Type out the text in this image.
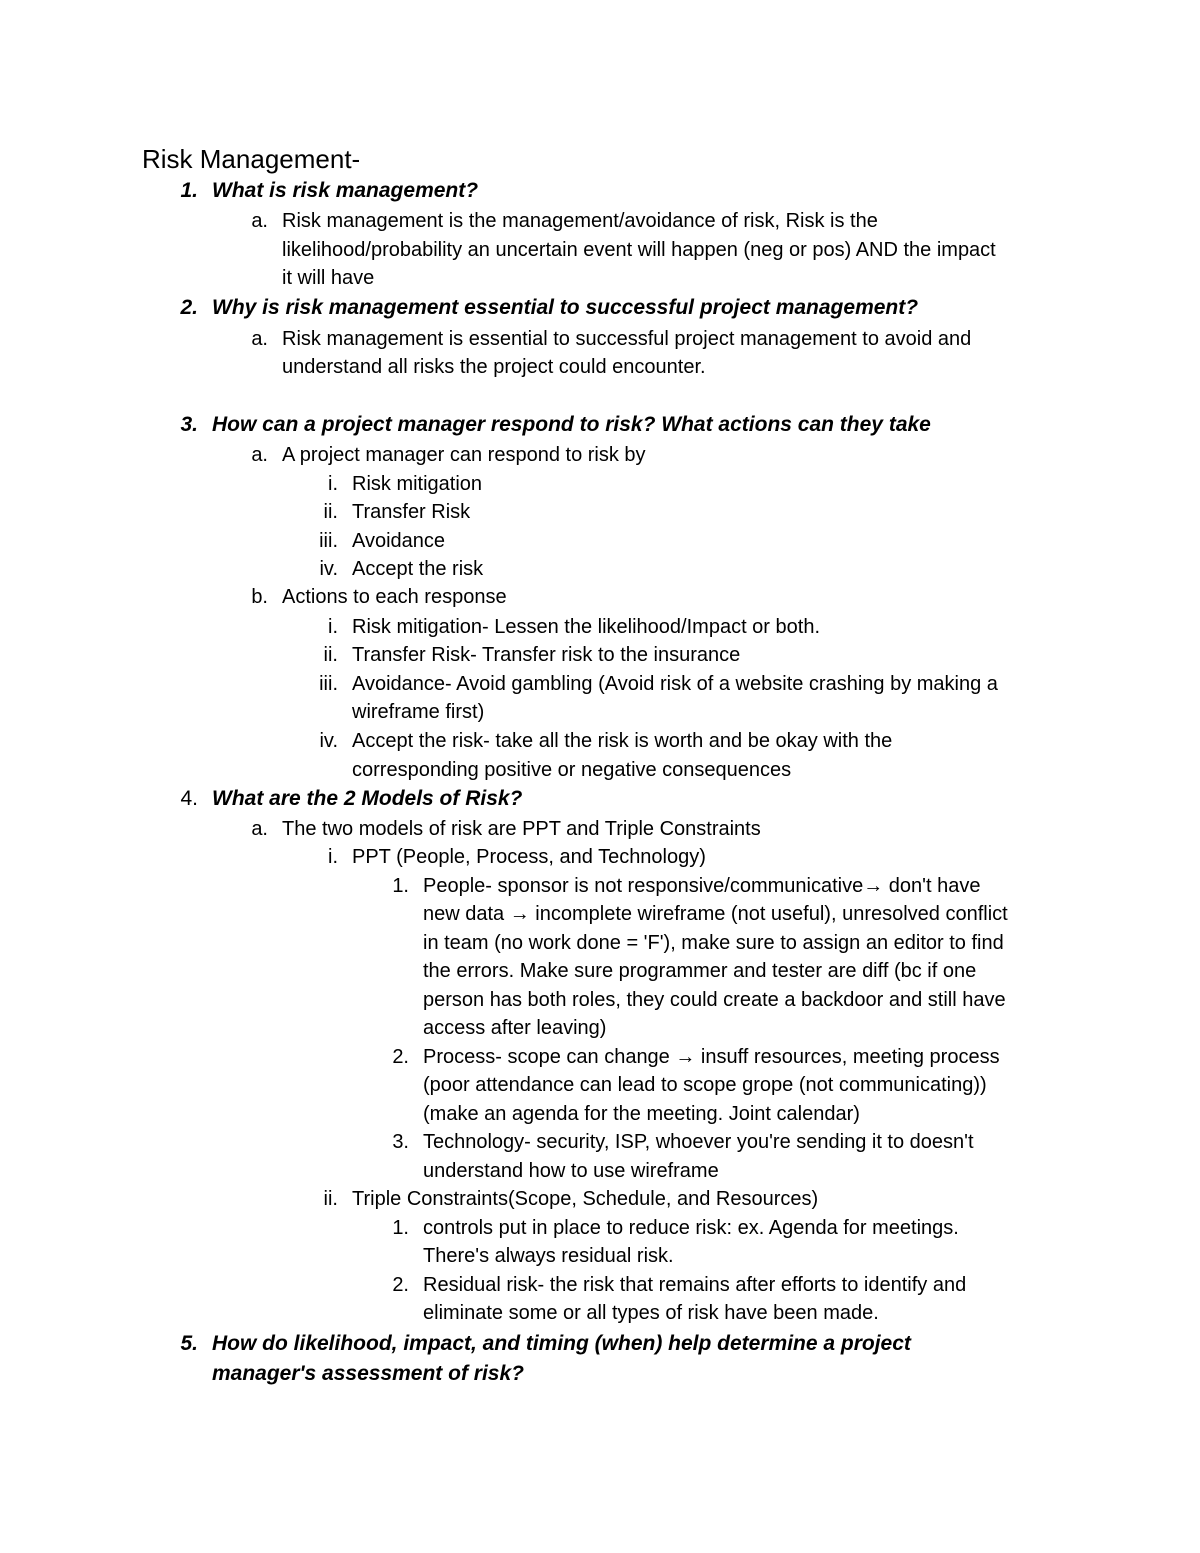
Risk Management-
1. What is risk management?
a. Risk management is the management/avoidance of risk, Risk is the
likelihood/probability an uncertain event will happen (neg or pos) AND the impact
it will have
2. Why is risk management essential to successful project management?
a. Risk management is essential to successful project management to avoid and
understand all risks the project could encounter.
3. How can a project manager respond to risk? What actions can they take
a. A project manager can respond to risk by
i. Risk mitigation
ii. Transfer Risk
iii. Avoidance
iv. Accept the risk
b. Actions to each response
i. Risk mitigation- Lessen the likelihood/Impact or both.
ii. Transfer Risk- Transfer risk to the insurance
iii. Avoidance- Avoid gambling (Avoid risk of a website crashing by making a
wireframe first)
iv. Accept the risk- take all the risk is worth and be okay with the
corresponding positive or negative consequences
4. What are the 2 Models of Risk?
a. The two models of risk are PPT and Triple Constraints
i. PPT (People, Process, and Technology)
1. People- sponsor is not responsive/communicative→ don't have
new data → incomplete wireframe (not useful), unresolved conflict
in team (no work done = 'F'), make sure to assign an editor to find
the errors. Make sure programmer and tester are diff (bc if one
person has both roles, they could create a backdoor and still have
access after leaving)
2. Process- scope can change → insuff resources, meeting process
(poor attendance can lead to scope grope (not communicating))
(make an agenda for the meeting. Joint calendar)
3. Technology- security, ISP, whoever you're sending it to doesn't
understand how to use wireframe
ii. Triple Constraints(Scope, Schedule, and Resources)
1. controls put in place to reduce risk: ex. Agenda for meetings.
There's always residual risk.
2. Residual risk- the risk that remains after efforts to identify and
eliminate some or all types of risk have been made.
5. How do likelihood, impact, and timing (when) help determine a project
manager's assessment of risk?
